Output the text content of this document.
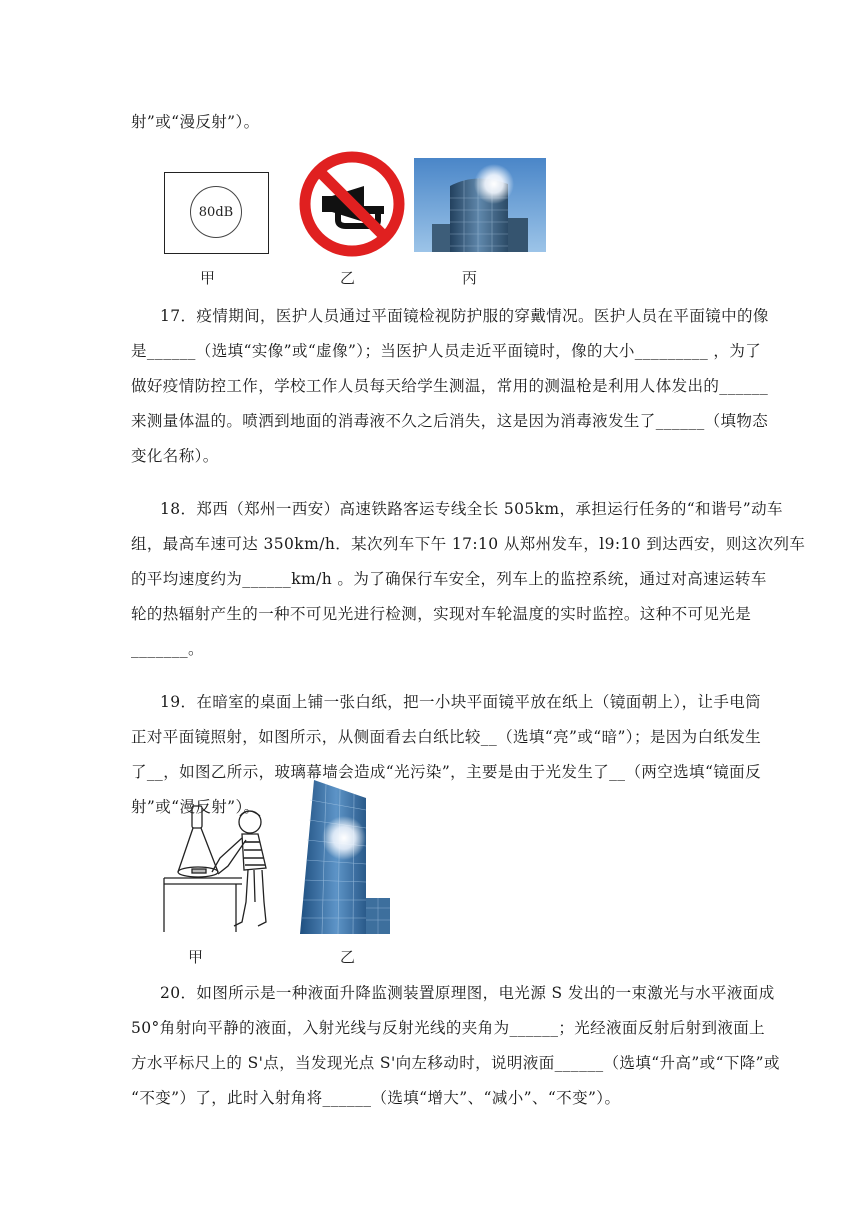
射”或“漫反射”）。
80dB
甲	乙	丙
17．疫情期间，医护人员通过平面镜检视防护服的穿戴情况。医护人员在平面镜中的像
是______（选填“实像”或“虚像”）；当医护人员走近平面镜时，像的大小_________ ，为了
做好疫情防控工作，学校工作人员每天给学生测温，常用的测温枪是利用人体发出的______
来测量体温的。喷洒到地面的消毒液不久之后消失，这是因为消毒液发生了______（填物态
变化名称）。
18．郑西（郑州一西安）高速铁路客运专线全长 505km，承担运行任务的“和谐号”动车
组，最高车速可达 350km/h．某次列车下午 17:10 从郑州发车，l9:10 到达西安，则这次列车
的平均速度约为______km/h 。为了确保行车安全，列车上的监控系统，通过对高速运转车
轮的热辐射产生的一种不可见光进行检测，实现对车轮温度的实时监控。这种不可见光是
_______。
19．在暗室的桌面上铺一张白纸，把一小块平面镜平放在纸上（镜面朝上），让手电筒
正对平面镜照射，如图所示，从侧面看去白纸比较__（选填“亮”或“暗”）；是因为白纸发生
了__，如图乙所示，玻璃幕墙会造成“光污染”，主要是由于光发生了__（两空选填“镜面反
射”或“漫反射”）。
甲	乙
20．如图所示是一种液面升降监测装置原理图，电光源 S 发出的一束激光与水平液面成
50°角射向平静的液面，入射光线与反射光线的夹角为______；光经液面反射后射到液面上
方水平标尺上的 S'点，当发现光点 S'向左移动时，说明液面______（选填“升高”或“下降”或
“不变”）了，此时入射角将______（选填“增大”、“减小”、“不变”）。
